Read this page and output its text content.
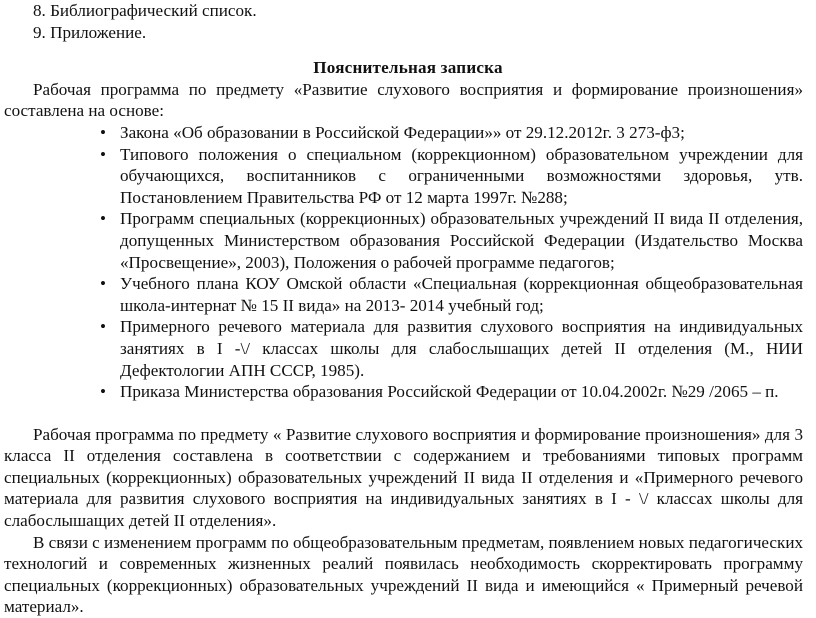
8. Библиографический список.

9. Приложение.

Пояснительная записка

Рабочая программа по предмету «Развитие слухового восприятия и формирование произношения» составлена на основе:

• Закона «Об образовании в Российской Федерации»» от 29.12.2012г. 3 273-ф3;
• Типового положения о специальном (коррекционном) образовательном учреждении для обучающихся, воспитанников с ограниченными возможностями здоровья, утв. Постановлением Правительства РФ от 12 марта 1997г. №288;
• Программ специальных (коррекционных) образовательных учреждений II вида II отделения, допущенных Министерством образования Российской Федерации (Издательство Москва «Просвещение», 2003), Положения о рабочей программе педагогов;
• Учебного плана КОУ Омской области «Специальная (коррекционная общеобразовательная школа-интернат № 15 II вида» на 2013- 2014 учебный год;
• Примерного речевого материала для развития слухового восприятия на индивидуальных занятиях в I -\/ классах школы для слабослышащих детей II отделения (М., НИИ Дефектологии АПН СССР, 1985).
• Приказа Министерства образования Российской Федерации от 10.04.2002г. №29 /2065 – п.

Рабочая программа по предмету « Развитие слухового восприятия и формирование произношения» для 3 класса II отделения составлена в соответствии с содержанием и требованиями типовых программ специальных (коррекционных) образовательных учреждений II вида II отделения и «Примерного речевого материала для развития слухового восприятия на индивидуальных занятиях в I - \/ классах школы для слабослышащих детей II отделения».

В связи с изменением программ по общеобразовательным предметам, появлением новых педагогических технологий и современных жизненных реалий появилась необходимость скорректировать программу специальных (коррекционных) образовательных учреждений II вида и имеющийся « Примерный речевой материал».
